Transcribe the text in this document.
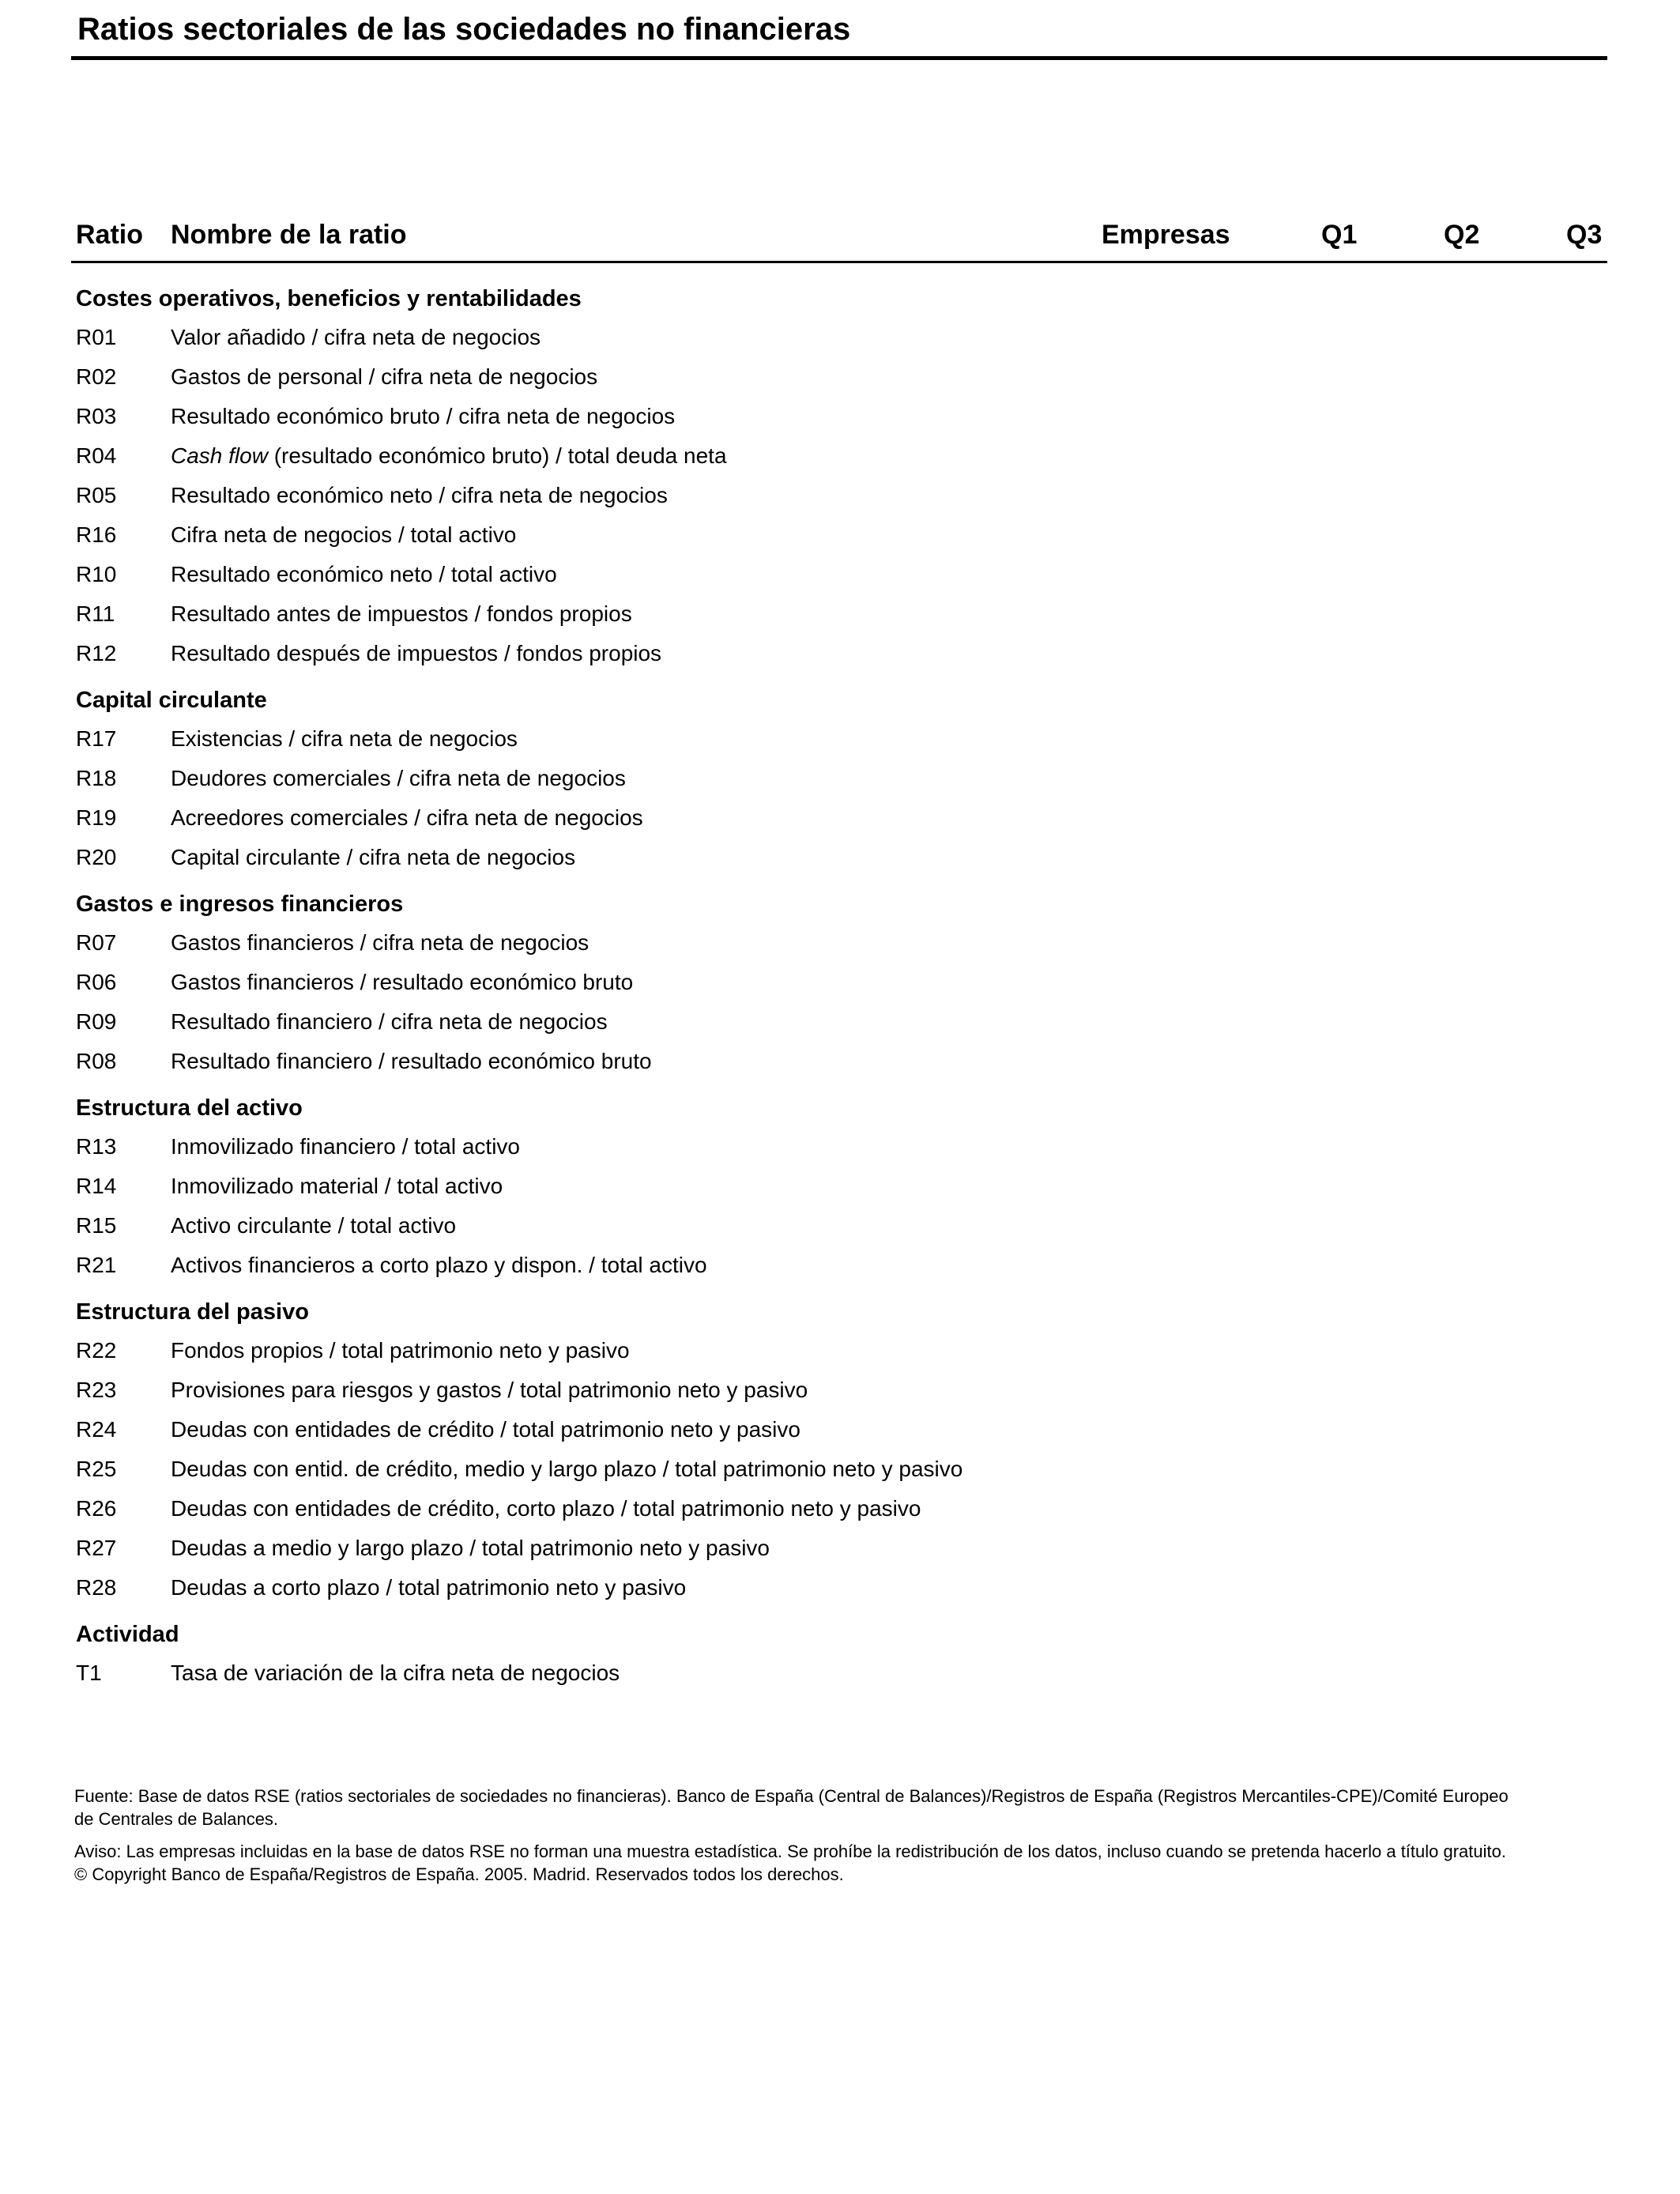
Ratios sectoriales de las sociedades no financieras
Ratio Nombre de la ratio	Empresas	Q1	Q2	Q3
Costes operativos, beneficios y rentabilidades
R01 Valor añadido / cifra neta de negocios
R02 Gastos de personal / cifra neta de negocios
R03 Resultado económico bruto / cifra neta de negocios
R04 Cash flow (resultado económico bruto) / total deuda neta
R05 Resultado económico neto / cifra neta de negocios
R16 Cifra neta de negocios / total activo
R10 Resultado económico neto / total activo
R11	Resultado antes de impuestos / fondos propios
R12 Resultado después de impuestos / fondos propios
Capital circulante
R17 Existencias / cifra neta de negocios
R18 Deudores comerciales / cifra neta de negocios
R19 Acreedores comerciales / cifra neta de negocios
R20 Capital circulante / cifra neta de negocios
Gastos e ingresos financieros
R07 Gastos financieros / cifra neta de negocios
R06 Gastos financieros / resultado económico bruto
R09 Resultado financiero / cifra neta de negocios
R08 Resultado financiero / resultado económico bruto
Estructura del activo
R13 Inmovilizado financiero / total activo
R14 Inmovilizado material / total activo
R15 Activo circulante / total activo
R21 Activos financieros a corto plazo y dispon. / total activo
Estructura del pasivo
R22 Fondos propios / total patrimonio neto y pasivo
R23 Provisiones para riesgos y gastos / total patrimonio neto y pasivo
R24 Deudas con entidades de crédito / total patrimonio neto y pasivo
R25 Deudas con entid. de crédito, medio y largo plazo / total patrimonio neto y pasivo
R26 Deudas con entidades de crédito, corto plazo / total patrimonio neto y pasivo
R27 Deudas a medio y largo plazo / total patrimonio neto y pasivo
R28 Deudas a corto plazo / total patrimonio neto y pasivo
Actividad
T1	Tasa de variación de la cifra neta de negocios

Fuente: Base de datos RSE (ratios sectoriales de sociedades no financieras). Banco de España (Central de Balances)/Registros de España (Registros Mercantiles-CPE)/Comité Europeo
de Centrales de Balances.

Aviso: Las empresas incluidas en la base de datos RSE no forman una muestra estadística. Se prohíbe la redistribución de los datos, incluso cuando se pretenda hacerlo a título gratuito.
© Copyright Banco de España/Registros de España. 2005. Madrid. Reservados todos los derechos.
